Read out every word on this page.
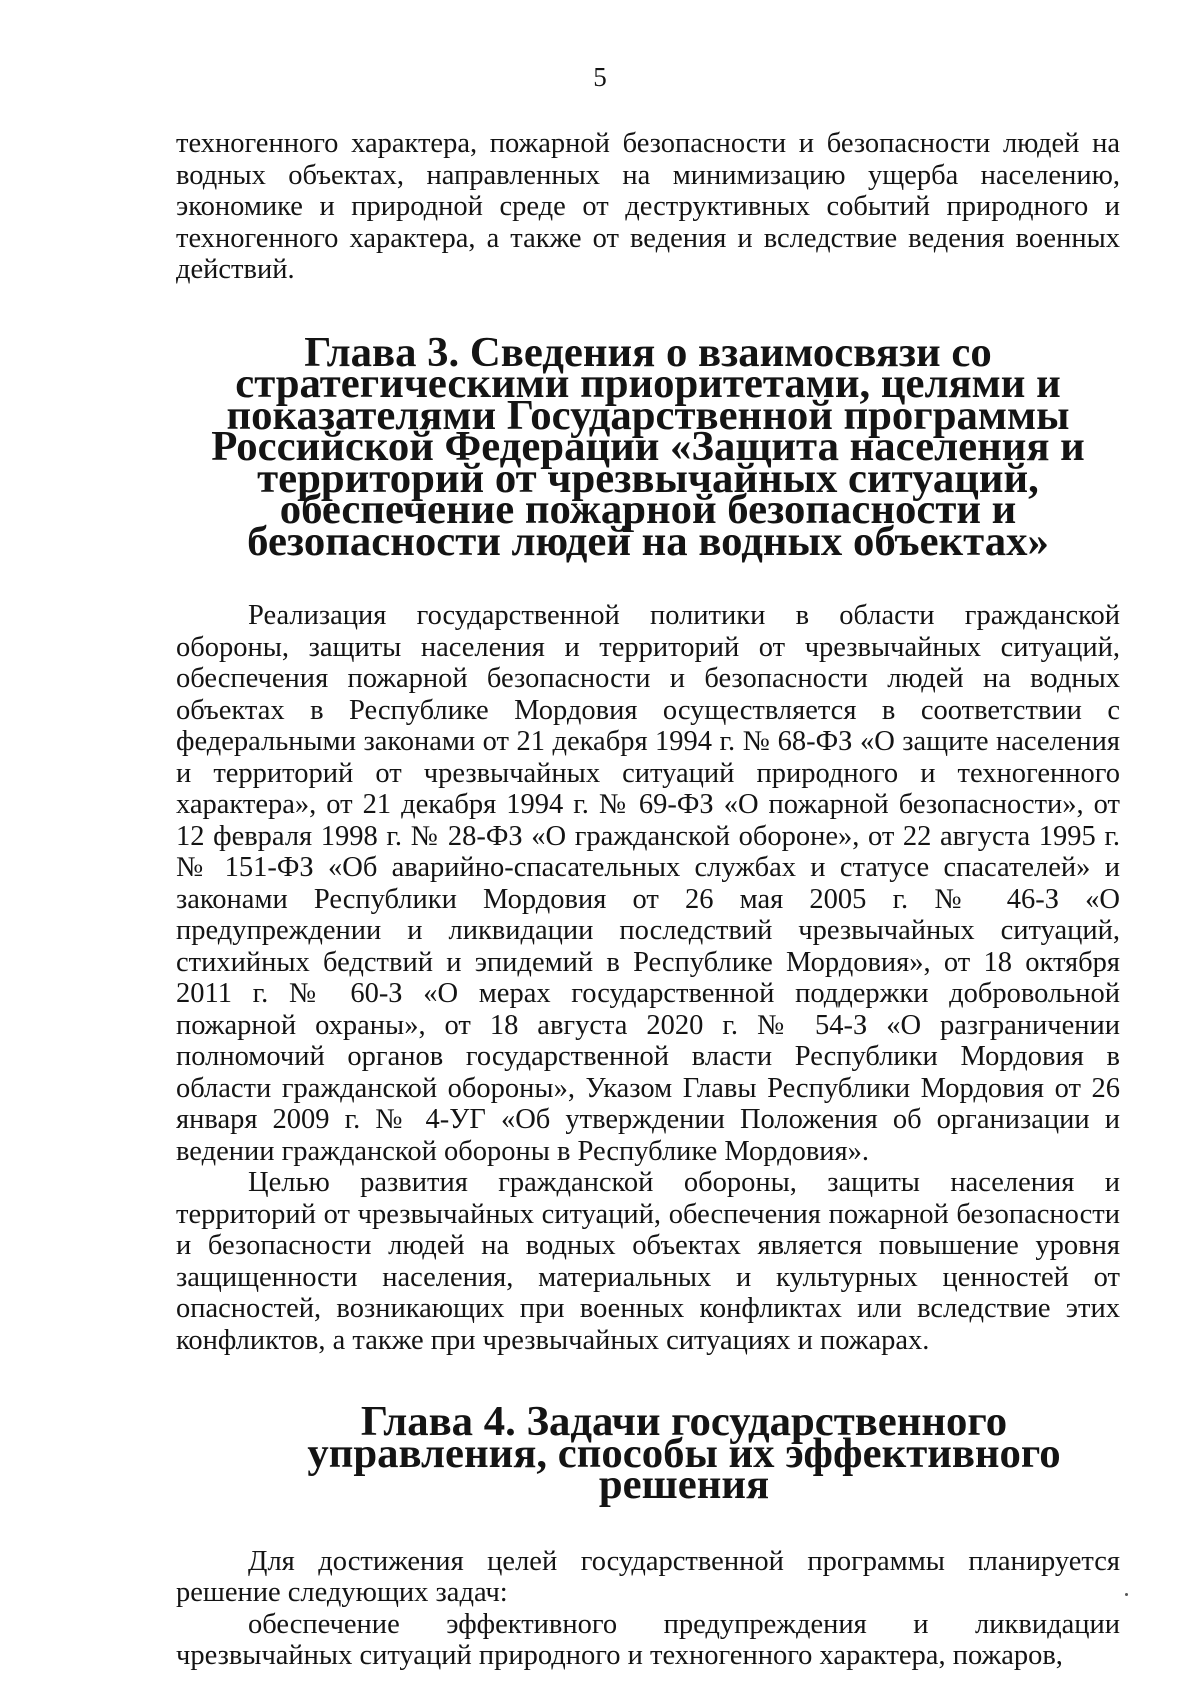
5

техногенного характера, пожарной безопасности и безопасности людей на водных объектах, направленных на минимизацию ущерба населению, экономике и природной среде от деструктивных событий природного и техногенного характера, а также от ведения и вследствие ведения военных действий.

Глава 3. Сведения о взаимосвязи со стратегическими приоритетами, целями и показателями Государственной программы Российской Федерации «Защита населения и территорий от чрезвычайных ситуаций, обеспечение пожарной безопасности и безопасности людей на водных объектах»

Реализация государственной политики в области гражданской обороны, защиты населения и территорий от чрезвычайных ситуаций, обеспечения пожарной безопасности и безопасности людей на водных объектах в Республике Мордовия осуществляется в соответствии с федеральными законами от 21 декабря 1994 г. № 68-ФЗ «О защите населения и территорий от чрезвычайных ситуаций природного и техногенного характера», от 21 декабря 1994 г. № 69-ФЗ «О пожарной безопасности», от 12 февраля 1998 г. № 28-ФЗ «О гражданской обороне», от 22 августа 1995 г. № 151-ФЗ «Об аварийно-спасательных службах и статусе спасателей» и законами Республики Мордовия от 26 мая 2005 г. № 46-З «О предупреждении и ликвидации последствий чрезвычайных ситуаций, стихийных бедствий и эпидемий в Республике Мордовия», от 18 октября 2011 г. № 60-З «О мерах государственной поддержки добровольной пожарной охраны», от 18 августа 2020 г. № 54-З «О разграничении полномочий органов государственной власти Республики Мордовия в области гражданской обороны», Указом Главы Республики Мордовия от 26 января 2009 г. № 4-УГ «Об утверждении Положения об организации и ведении гражданской обороны в Республике Мордовия».

Целью развития гражданской обороны, защиты населения и территорий от чрезвычайных ситуаций, обеспечения пожарной безопасности и безопасности людей на водных объектах является повышение уровня защищенности населения, материальных и культурных ценностей от опасностей, возникающих при военных конфликтах или вследствие этих конфликтов, а также при чрезвычайных ситуациях и пожарах.

Глава 4. Задачи государственного управления, способы их эффективного решения

Для достижения целей государственной программы планируется решение следующих задач:

обеспечение эффективного предупреждения и ликвидации чрезвычайных ситуаций природного и техногенного характера, пожаров,
